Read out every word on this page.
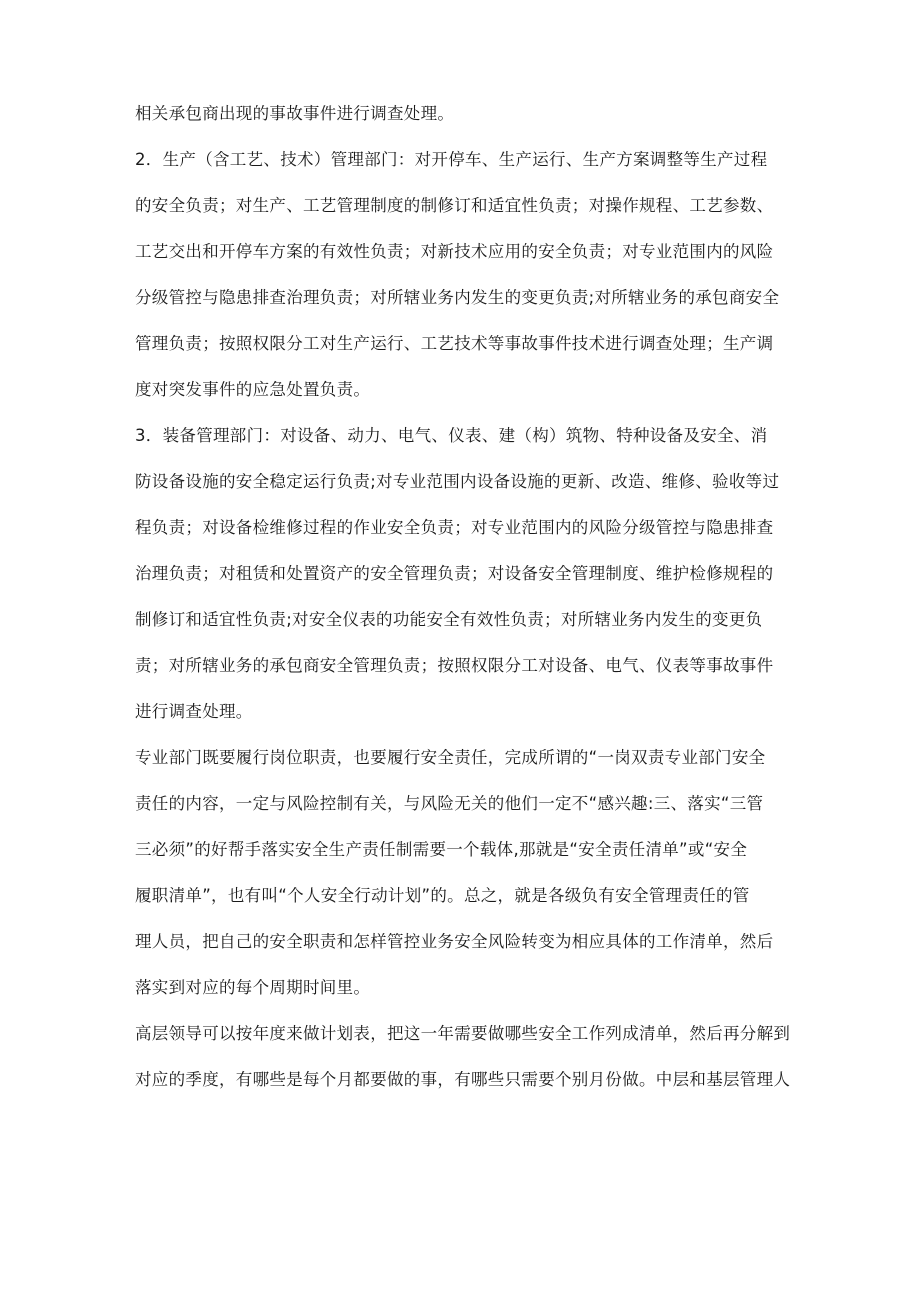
相关承包商出现的事故事件进行调查处理。

2．生产（含工艺、技术）管理部门：对开停车、生产运行、生产方案调整等生产过程

的安全负责；对生产、工艺管理制度的制修订和适宜性负责；对操作规程、工艺参数、

工艺交出和开停车方案的有效性负责；对新技术应用的安全负责；对专业范围内的风险

分级管控与隐患排查治理负责；对所辖业务内发生的变更负责;对所辖业务的承包商安全

管理负责；按照权限分工对生产运行、工艺技术等事故事件技术进行调查处理；生产调

度对突发事件的应急处置负责。

3．装备管理部门：对设备、动力、电气、仪表、建（构）筑物、特种设备及安全、消

防设备设施的安全稳定运行负责;对专业范围内设备设施的更新、改造、维修、验收等过

程负责；对设备检维修过程的作业安全负责；对专业范围内的风险分级管控与隐患排查

治理负责；对租赁和处置资产的安全管理负责；对设备安全管理制度、维护检修规程的

制修订和适宜性负责;对安全仪表的功能安全有效性负责；对所辖业务内发生的变更负

责；对所辖业务的承包商安全管理负责；按照权限分工对设备、电气、仪表等事故事件

进行调查处理。

专业部门既要履行岗位职责，也要履行安全责任，完成所谓的“一岗双责专业部门安全

责任的内容，一定与风险控制有关，与风险无关的他们一定不“感兴趣:三、落实“三管

三必须”的好帮手落实安全生产责任制需要一个载体,那就是“安全责任清单”或“安全

履职清单”，也有叫“个人安全行动计划”的。总之，就是各级负有安全管理责任的管

理人员，把自己的安全职责和怎样管控业务安全风险转变为相应具体的工作清单，然后

落实到对应的每个周期时间里。

高层领导可以按年度来做计划表，把这一年需要做哪些安全工作列成清单，然后再分解到

对应的季度，有哪些是每个月都要做的事，有哪些只需要个别月份做。中层和基层管理人
